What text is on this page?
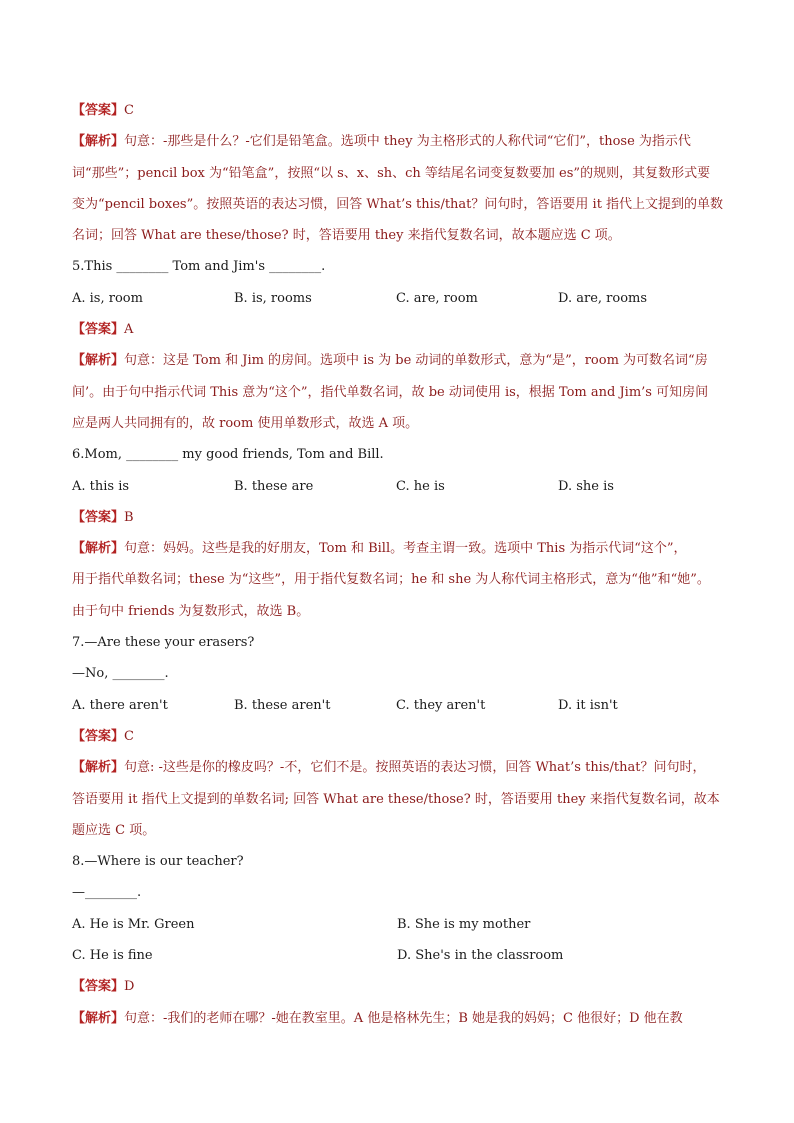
【答案】C
【解析】句意：-那些是什么？-它们是铅笔盒。选项中 they 为主格形式的人称代词“它们”，those 为指示代
词“那些”；pencil box 为“铅笔盒”，按照“以 s、x、sh、ch 等结尾名词变复数要加 es”的规则，其复数形式要
变为“pencil boxes”。按照英语的表达习惯，回答 What’s this/that？问句时，答语要用 it 指代上文提到的单数
名词；回答 What are these/those? 时，答语要用 they 来指代复数名词，故本题应选 C 项。
5.This ________ Tom and Jim's ________.
A. is, room	B. is, rooms	C. are, room	D. are, rooms
【答案】A
【解析】句意：这是 Tom 和 Jim 的房间。选项中 is 为 be 动词的单数形式，意为“是”，room 为可数名词“房
间’。由于句中指示代词 This 意为“这个”，指代单数名词，故 be 动词使用 is，根据 Tom and Jim’s 可知房间
应是两人共同拥有的，故 room 使用单数形式，故选 A 项。
6.Mom, ________ my good friends, Tom and Bill.
A. this is	B. these are	C. he is	D. she is
【答案】B
【解析】句意：妈妈。这些是我的好朋友，Tom 和 Bill。考查主谓一致。选项中 This 为指示代词“这个”，
用于指代单数名词；these 为“这些”，用于指代复数名词；he 和 she 为人称代词主格形式，意为“他”和“她”。
由于句中 friends 为复数形式，故选 B。
7.—Are these your erasers?
—No, ________.
A. there aren't	B. these aren't	C. they aren't	D. it isn't
【答案】C
【解析】句意: -这些是你的橡皮吗？-不，它们不是。按照英语的表达习惯，回答 What’s this/that？问句时，
答语要用 it 指代上文提到的单数名词; 回答 What are these/those? 时，答语要用 they 来指代复数名词，故本
题应选 C 项。
8.—Where is our teacher?
—________.
A. He is Mr. Green	B. She is my mother
C. He is fine	D. She's in the classroom
【答案】D
【解析】句意：-我们的老师在哪？-她在教室里。A 他是格林先生；B 她是我的妈妈；C 他很好；D 他在教
